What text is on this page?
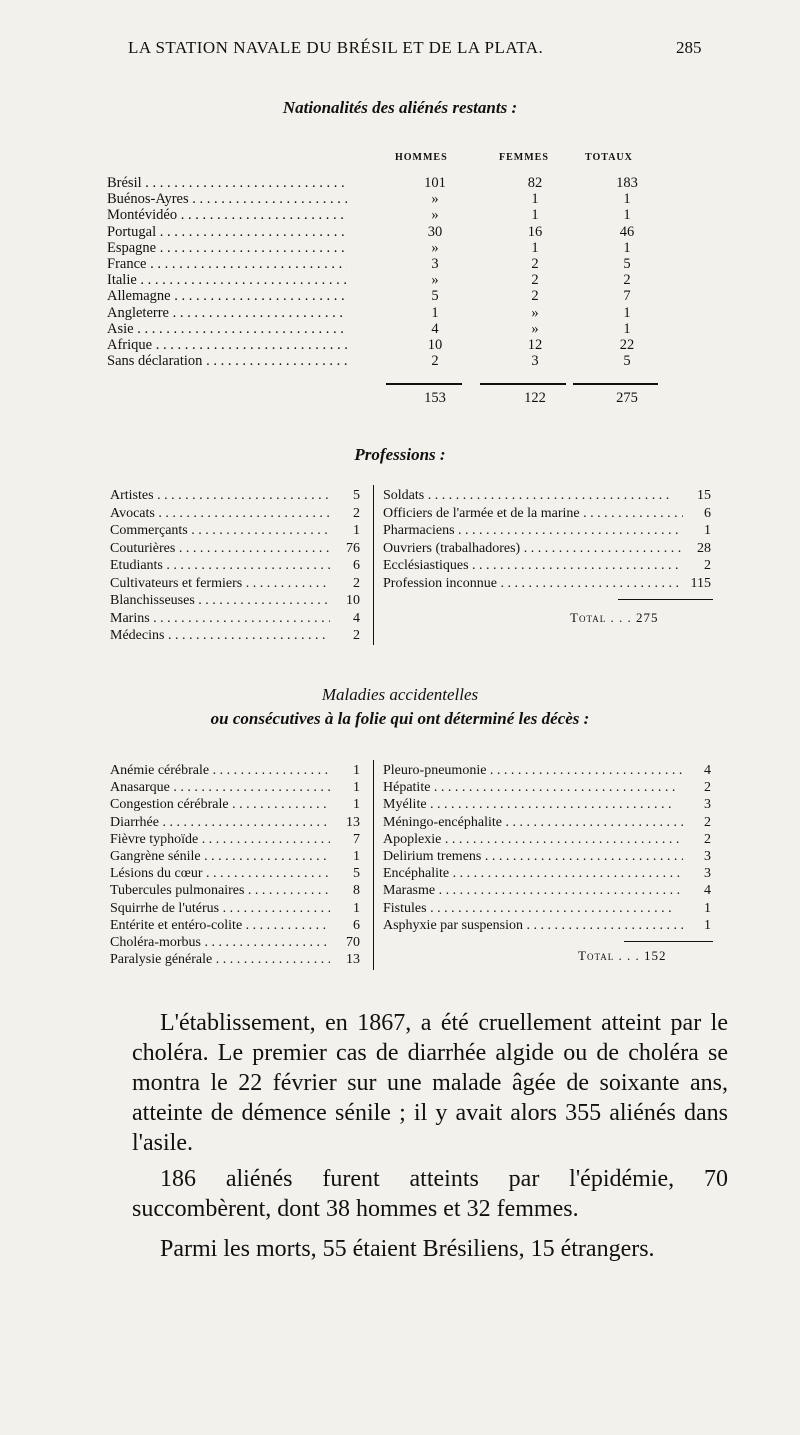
LA STATION NAVALE DU BRÉSIL ET DE LA PLATA.	285
Nationalités des aliénés restants :
HOMMES	FEMMES	TOTAUX
Brésil . . .	101	82	183
Buénos-Ayres . . .	»	1	1
Montévidéo . . .	»	1	1
Portugal . . .	30	16	46
Espagne . . .	»	1	1
France . . .	3	2	5
Italie . . .	»	2	2
Allemagne . . .	5	2	7
Angleterre . . .	1	»	1
Asie . . .	4	»	1
Afrique . . .	10	12	22
Sans déclaration . . .	2	3	5
153	122	275
Professions :
Artistes . . .	5
Avocats . . .	2
Commerçants . . .	1
Couturières . . .	76
Etudiants . . .	6
Cultivateurs et fermiers . . .	2
Blanchisseuses . . .	10
Marins . . .	4
Médecins . . .	2
Soldats . . .	15
Officiers de l'armée et de la marine . . .	6
Pharmaciens . . .	1
Ouvriers (trabalhadores) . . .	28
Ecclésiastiques . . .	2
Profession inconnue . . .	115
Total . . . 275
Maladies accidentelles
ou consécutives à la folie qui ont déterminé les décès :
Anémie cérébrale . . .	1
Anasarque . . .	1
Congestion cérébrale . . .	1
Diarrhée . . .	13
Fièvre typhoïde . . .	7
Gangrène sénile . . .	1
Lésions du cœur . . .	5
Tubercules pulmonaires . . .	8
Squirrhe de l'utérus . . .	1
Entérite et entéro-colite . . .	6
Choléra-morbus . . .	70
Paralysie générale . . .	13
Pleuro-pneumonie . . .	4
Hépatite . . .	2
Myélite . . .	3
Méningo-encéphalite . . .	2
Apoplexie . . .	2
Delirium tremens . . .	3
Encéphalite . . .	3
Marasme . . .	4
Fistules . . .	1
Asphyxie par suspension . . .	1
Total . . . 152
L'établissement, en 1867, a été cruellement atteint par le choléra. Le premier cas de diarrhée algide ou de choléra se montra le 22 février sur une malade âgée de soixante ans, atteinte de démence sénile ; il y avait alors 355 aliénés dans l'asile.
186 aliénés furent atteints par l'épidémie, 70 succombèrent, dont 38 hommes et 32 femmes.
Parmi les morts, 55 étaient Brésiliens, 15 étrangers.
